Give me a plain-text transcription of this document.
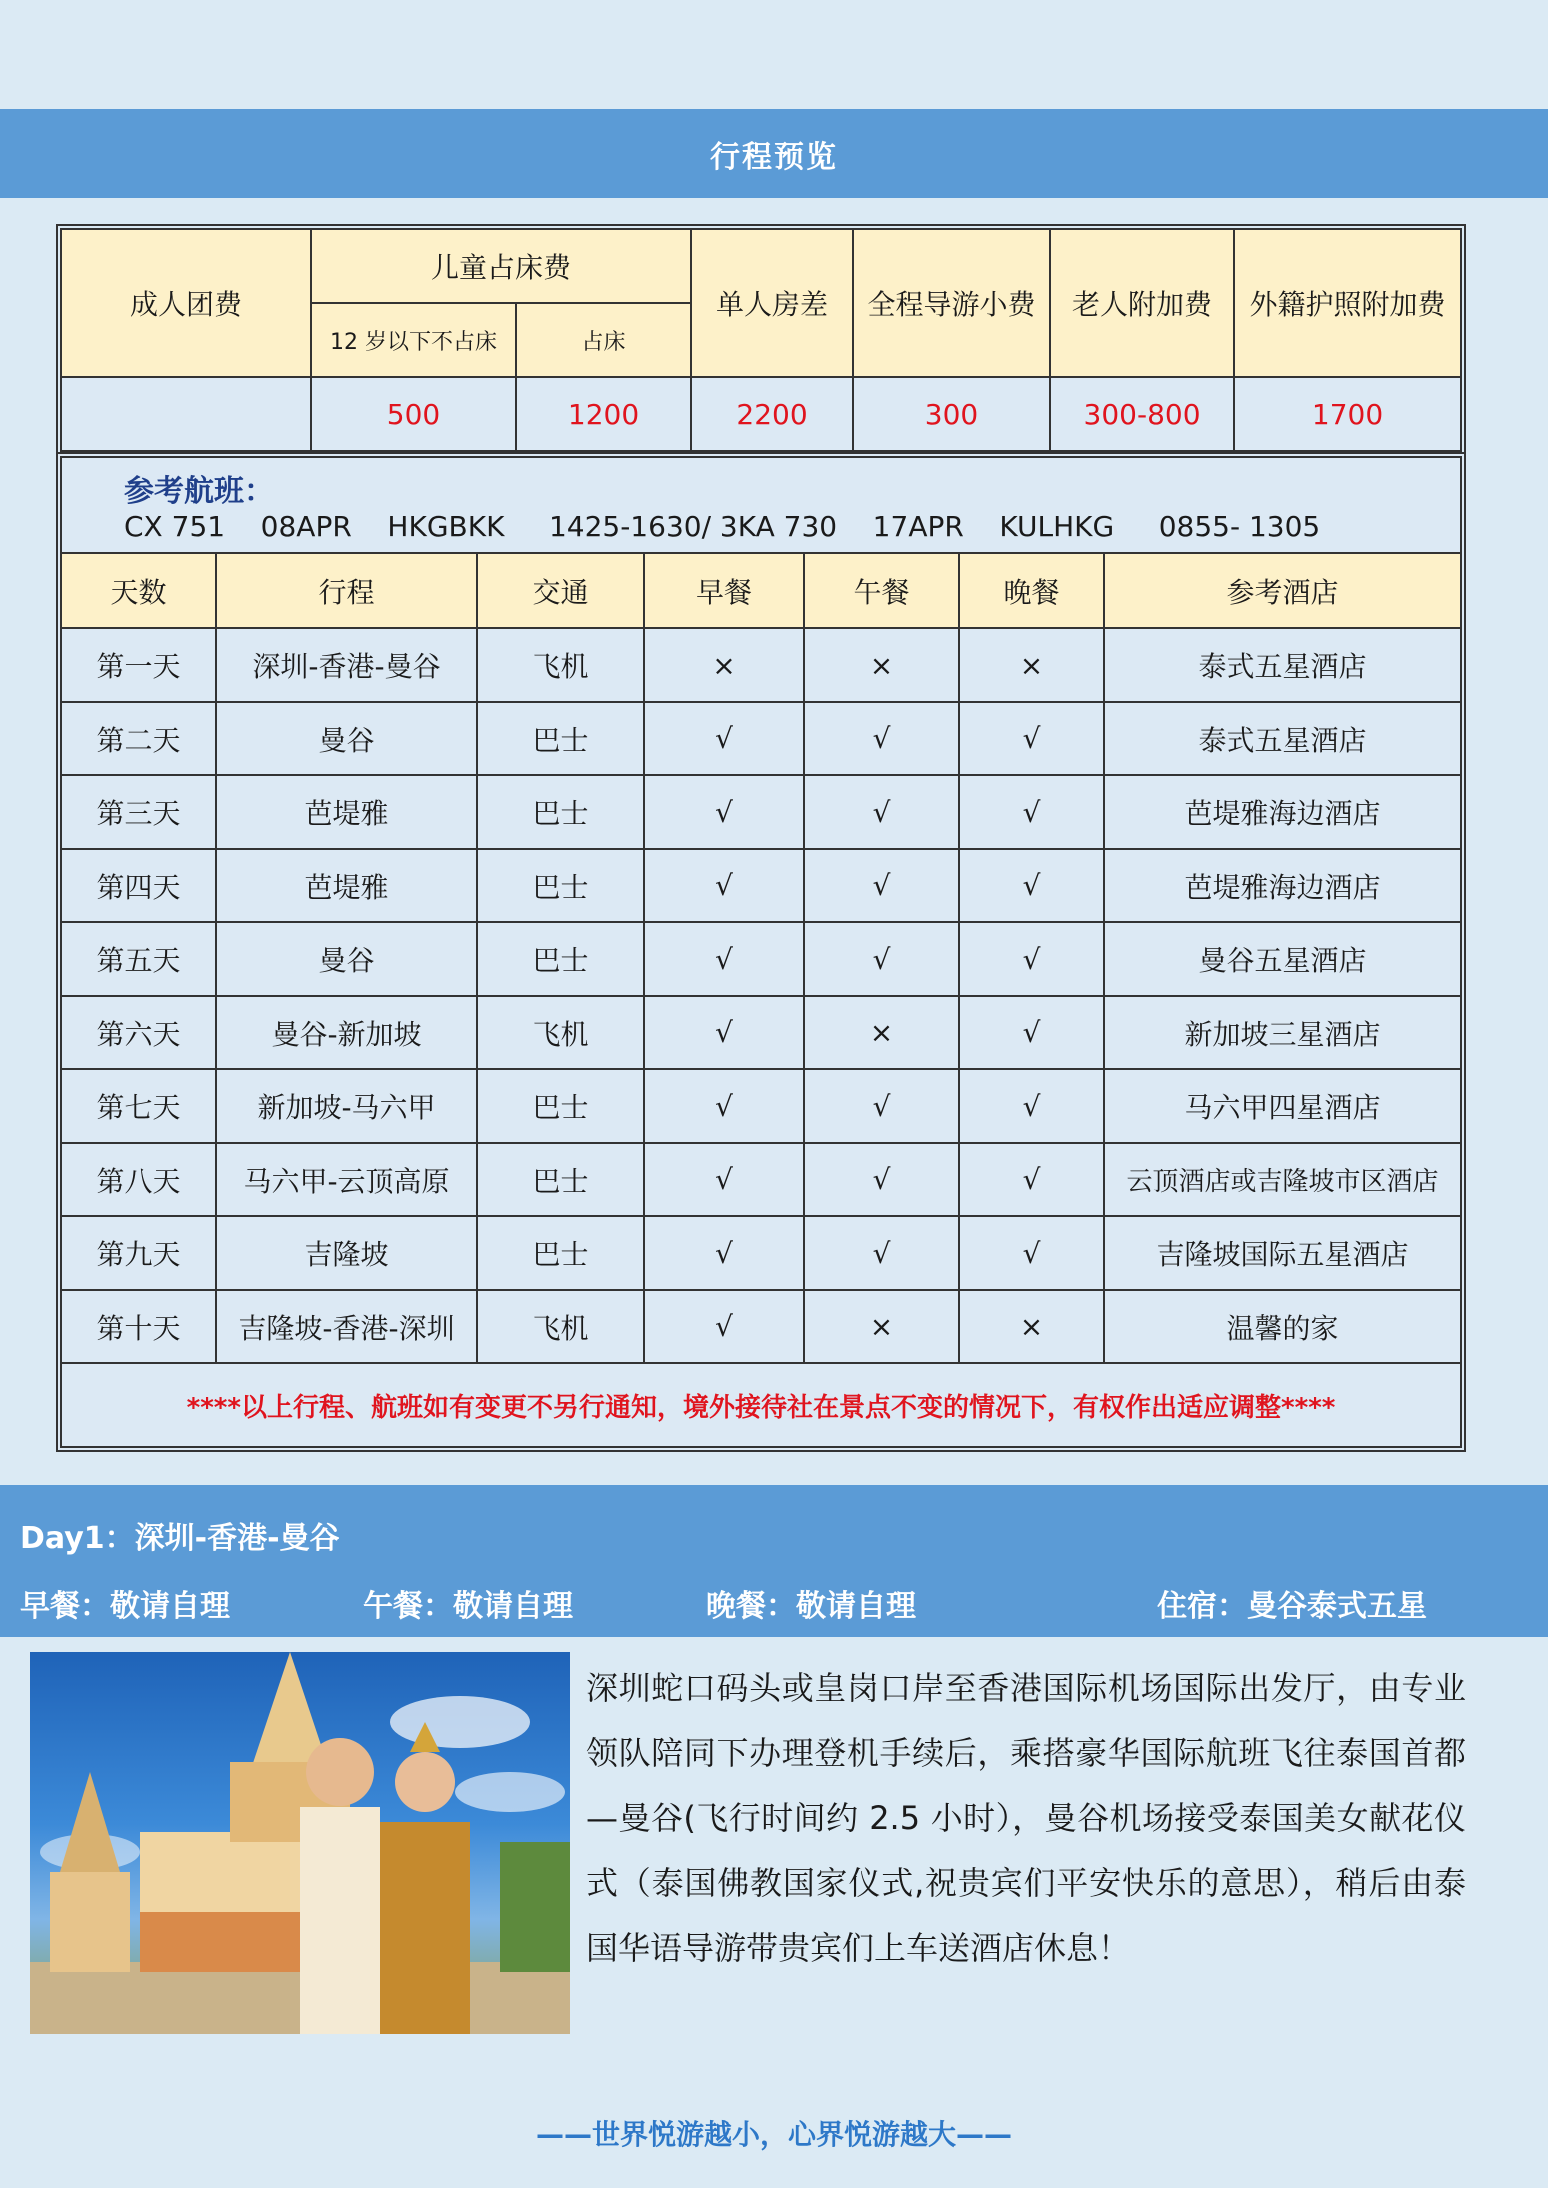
行程预览
成人团费	儿童占床费		单人房差	全程导游小费	老人附加费	外籍护照附加费
	12 岁以下不占床	占床				
	500	1200	2200	300	300-800	1700
参考航班：CX 751    08APR    HKGBKK     1425-1630/ 3KA 730    17APR    KULHKG     0855- 1305						
天数	行程	交通	早餐	午餐	晚餐	参考酒店
第一天	深圳-香港-曼谷	飞机	×	×	×	泰式五星酒店
第二天	曼谷	巴士	√	√	√	泰式五星酒店
第三天	芭堤雅	巴士	√	√	√	芭堤雅海边酒店
第四天	芭堤雅	巴士	√	√	√	芭堤雅海边酒店
第五天	曼谷	巴士	√	√	√	曼谷五星酒店
第六天	曼谷-新加坡	飞机	√	×	√	新加坡三星酒店
第七天	新加坡-马六甲	巴士	√	√	√	马六甲四星酒店
第八天	马六甲-云顶高原	巴士	√	√	√	云顶酒店或吉隆坡市区酒店
第九天	吉隆坡	巴士	√	√	√	吉隆坡国际五星酒店
第十天	吉隆坡-香港-深圳	飞机	√	×	×	温馨的家
****以上行程、航班如有变更不另行通知，境外接待社在景点不变的情况下，有权作出适应调整****						
Day1：深圳-香港-曼谷
早餐：敬请自理	午餐：敬请自理	晚餐：敬请自理	住宿：曼谷泰式五星
深圳蛇口码头或皇岗口岸至香港国际机场国际出发厅，由专业领队陪同下办理登机手续后，乘搭豪华国际航班飞往泰国首都—曼谷(飞行时间约 2.5 小时），曼谷机场接受泰国美女献花仪式（泰国佛教国家仪式,祝贵宾们平安快乐的意思），稍后由泰国华语导游带贵宾们上车送酒店休息！
——世界悦游越小，心界悦游越大——
